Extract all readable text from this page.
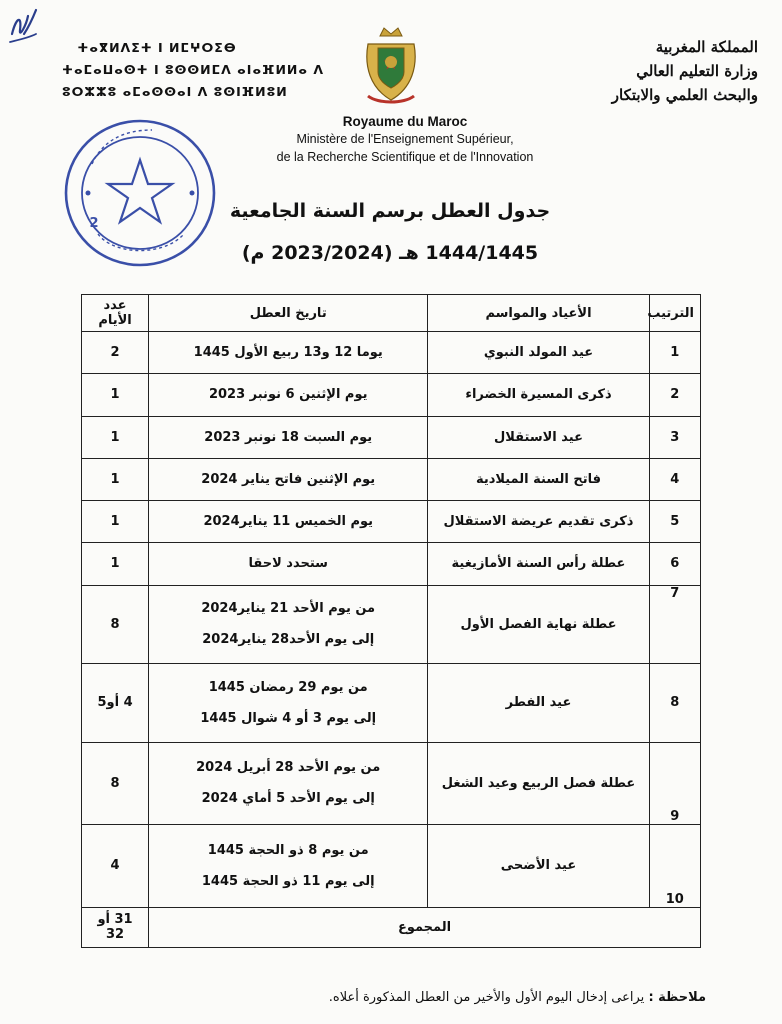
ⵜⴰⴳⵍⴷⵉⵜ ⵏ ⵍⵎⵖⵔⵉⴱ
ⵜⴰⵎⴰⵡⴰⵙⵜ ⵏ ⵓⵙⵙⵍⵎⴷ ⴰⵏⴰⴼⵍⵍⴰ ⴷ
ⵓⵔⵣⵣⵓ ⴰⵎⴰⵙⵙⴰⵏ ⴷ ⵓⵙⵏⴼⵍⵓⵍ
المملكة المغربية
وزارة التعليم العالي
والبحث العلمي والابتكار
2
Royaume du Maroc
Ministère de l'Enseignement Supérieur,
de la Recherche Scientifique et de l'Innovation
جدول العطل برسم السنة الجامعية
1444/1445 هـ (2023/2024 م)
الترتيب	الأعياد والمواسم	تاريخ العطل	عدد الأيام
1	عيد المولد النبوي	يوما 12 و13 ربيع الأول 1445	2
2	ذكرى المسيرة الخضراء	يوم الإثنين 6 نونبر 2023	1
3	عيد الاستقلال	يوم السبت 18 نونبر 2023	1
4	فاتح السنة الميلادية	يوم الإثنين فاتح يناير 2024	1
5	ذكرى تقديم عريضة الاستقلال	يوم الخميس 11 يناير2024	1
6	عطلة رأس السنة الأمازيغية	ستحدد لاحقا	1
7	عطلة نهاية الفصل الأول	من يوم الأحد 21 يناير2024
إلى يوم الأحد28 يناير2024	8
8	عيد الفطر	من يوم 29 رمضان 1445
إلى يوم 3 أو 4 شوال 1445	4 أو5
9	عطلة فصل الربيع وعيد الشغل	من يوم الأحد 28 أبريل 2024
إلى يوم الأحد 5 أماي 2024	8
10	عيد الأضحى	من يوم 8 ذو الحجة 1445
إلى يوم 11 ذو الحجة 1445	4
المجموع			31 أو 32
ملاحظة : يراعى إدخال اليوم الأول والأخير من العطل المذكورة أعلاه.
